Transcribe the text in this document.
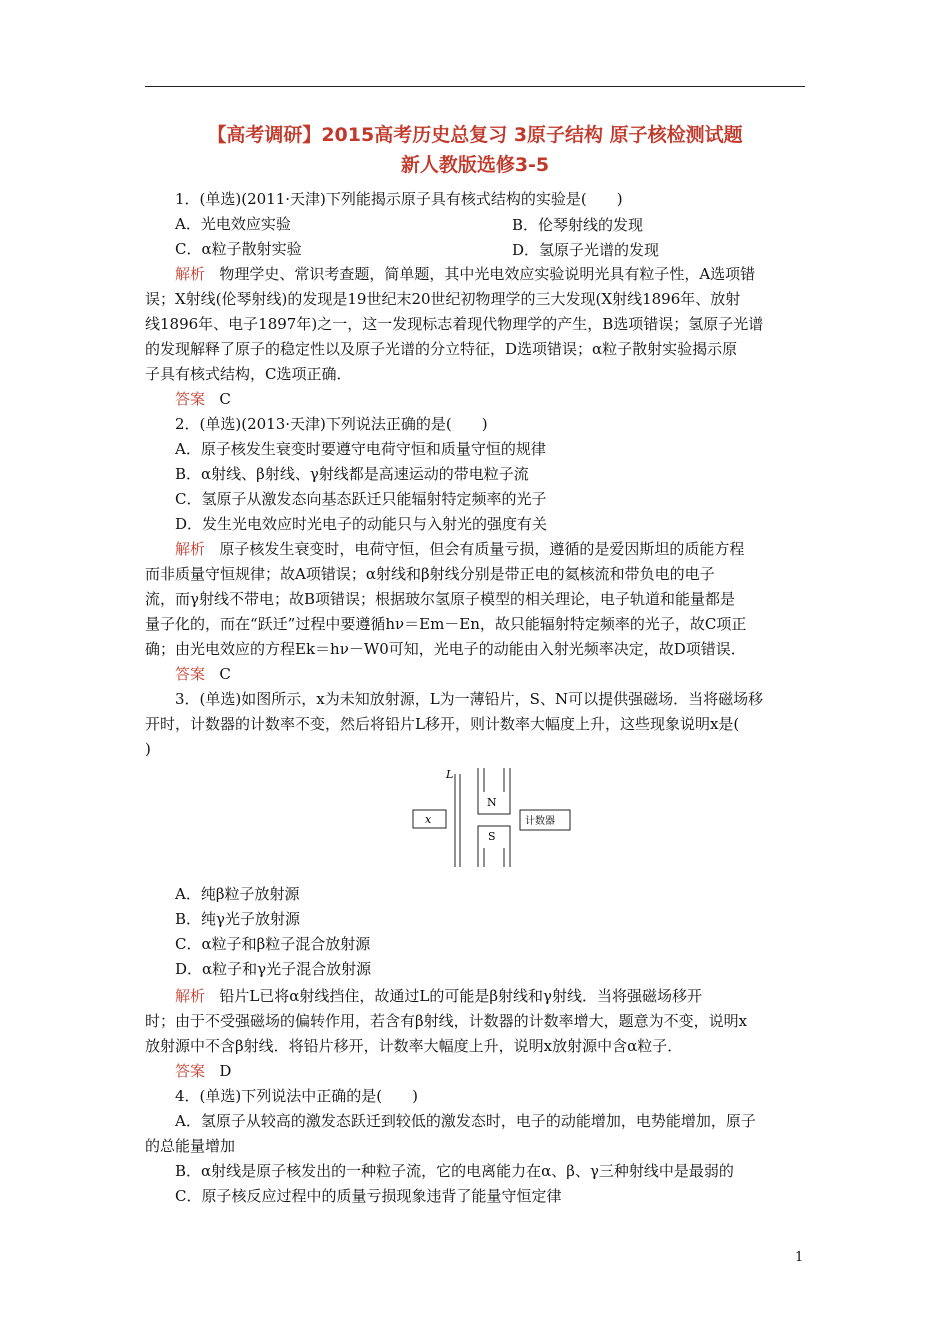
【高考调研】2015高考历史总复习 3原子结构 原子核检测试题
新人教版选修3-5
1．(单选)(2011·天津)下列能揭示原子具有核式结构的实验是(　　)
A．光电效应实验	B．伦琴射线的发现
C．α粒子散射实验	D．氢原子光谱的发现
解析 物理学史、常识考查题，简单题，其中光电效应实验说明光具有粒子性，A选项错
误；X射线(伦琴射线)的发现是19世纪末20世纪初物理学的三大发现(X射线1896年、放射
线1896年、电子1897年)之一，这一发现标志着现代物理学的产生，B选项错误；氢原子光谱
的发现解释了原子的稳定性以及原子光谱的分立特征，D选项错误；α粒子散射实验揭示原
子具有核式结构，C选项正确．
答案 C
2．(单选)(2013·天津)下列说法正确的是(　　)
A．原子核发生衰变时要遵守电荷守恒和质量守恒的规律
B．α射线、β射线、γ射线都是高速运动的带电粒子流
C．氢原子从激发态向基态跃迁只能辐射特定频率的光子
D．发生光电效应时光电子的动能只与入射光的强度有关
解析 原子核发生衰变时，电荷守恒，但会有质量亏损，遵循的是爱因斯坦的质能方程
而非质量守恒规律；故A项错误；α射线和β射线分别是带正电的氦核流和带负电的电子
流，而γ射线不带电；故B项错误；根据玻尔氢原子模型的相关理论，电子轨道和能量都是
量子化的，而在“跃迁”过程中要遵循hν＝Em－En，故只能辐射特定频率的光子，故C项正
确；由光电效应的方程Ek＝hν－W0可知，光电子的动能由入射光频率决定，故D项错误．
答案 C
3．(单选)如图所示，x为未知放射源，L为一薄铅片，S、N可以提供强磁场．当将磁场移
开时，计数器的计数率不变，然后将铅片L移开，则计数率大幅度上升，这些现象说明x是(
)
L
N
S
x	计数器
A．纯β粒子放射源
B．纯γ光子放射源
C．α粒子和β粒子混合放射源
D．α粒子和γ光子混合放射源
解析 铅片L已将α射线挡住，故通过L的可能是β射线和γ射线．当将强磁场移开
时；由于不受强磁场的偏转作用，若含有β射线，计数器的计数率增大，题意为不变，说明x
放射源中不含β射线．将铅片移开，计数率大幅度上升，说明x放射源中含α粒子．
答案 D
4．(单选)下列说法中正确的是(　　)
A．氢原子从较高的激发态跃迁到较低的激发态时，电子的动能增加，电势能增加，原子
的总能量增加
B．α射线是原子核发出的一种粒子流，它的电离能力在α、β、γ三种射线中是最弱的
C．原子核反应过程中的质量亏损现象违背了能量守恒定律
1
